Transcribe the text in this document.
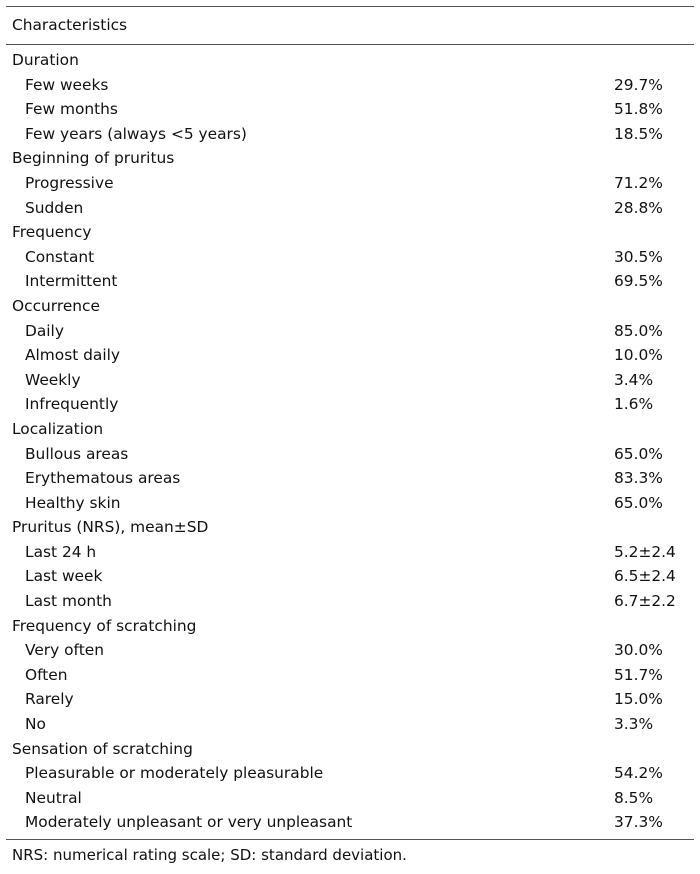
Characteristics
Duration
Few weeks	29.7%
Few months	51.8%
Few years (always <5 years)	18.5%
Beginning of pruritus
Progressive	71.2%
Sudden	28.8%
Frequency
Constant	30.5%
Intermittent	69.5%
Occurrence
Daily	85.0%
Almost daily	10.0%
Weekly	3.4%
Infrequently	1.6%
Localization
Bullous areas	65.0%
Erythematous areas	83.3%
Healthy skin	65.0%
Pruritus (NRS), mean±SD
Last 24 h	5.2±2.4
Last week	6.5±2.4
Last month	6.7±2.2
Frequency of scratching
Very often	30.0%
Often	51.7%
Rarely	15.0%
No	3.3%
Sensation of scratching
Pleasurable or moderately pleasurable	54.2%
Neutral	8.5%
Moderately unpleasant or very unpleasant	37.3%
NRS: numerical rating scale; SD: standard deviation.
